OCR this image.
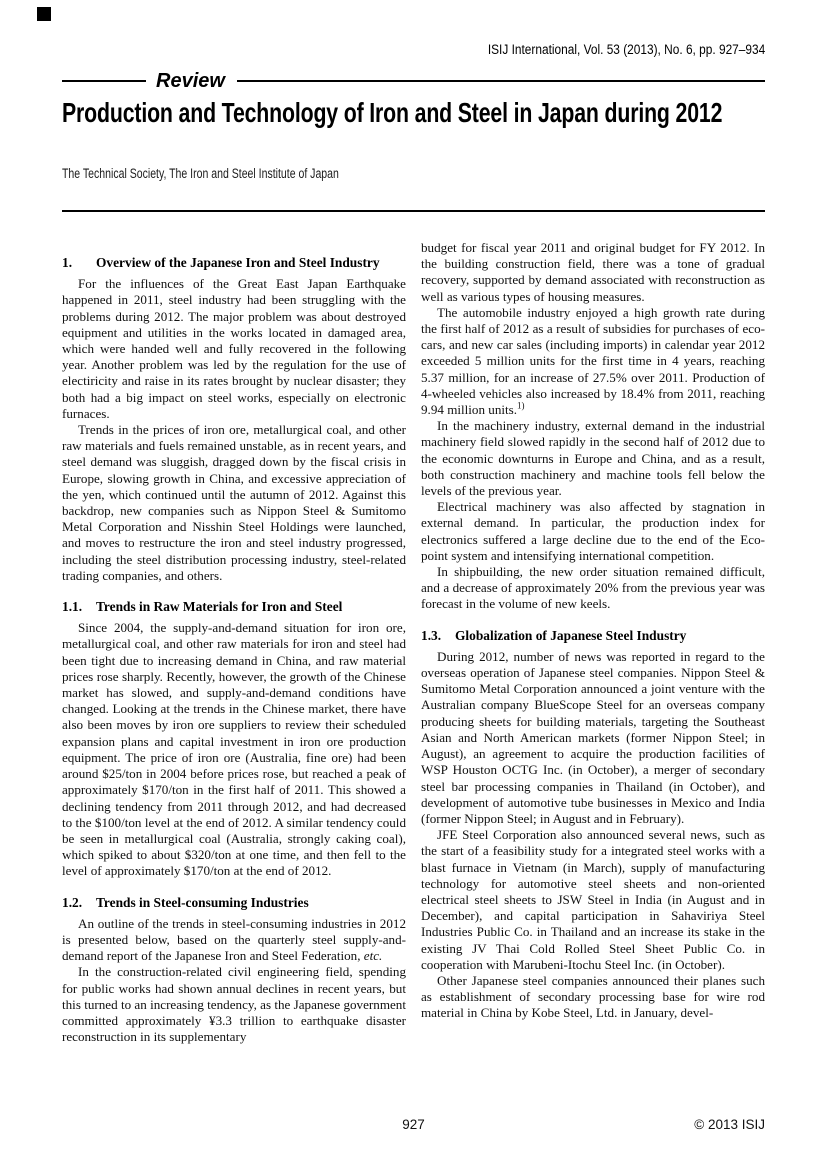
ISIJ International, Vol. 53 (2013), No. 6, pp. 927–934
Review
Production and Technology of Iron and Steel in Japan during 2012
The Technical Society, The Iron and Steel Institute of Japan
1. Overview of the Japanese Iron and Steel Industry

For the influences of the Great East Japan Earthquake happened in 2011, steel industry had been struggling with the problems during 2012. The major problem was about destroyed equipment and utilities in the works located in damaged area, which were handed well and fully recovered in the following year. Another problem was led by the regulation for the use of electiricity and raise in its rates brought by nuclear disaster; they both had a big impact on steel works, especially on electronic furnaces.

Trends in the prices of iron ore, metallurgical coal, and other raw materials and fuels remained unstable, as in recent years, and steel demand was sluggish, dragged down by the fiscal crisis in Europe, slowing growth in China, and excessive appreciation of the yen, which continued until the autumn of 2012. Against this backdrop, new companies such as Nippon Steel & Sumitomo Metal Corporation and Nisshin Steel Holdings were launched, and moves to restructure the iron and steel industry progressed, including the steel distribution processing industry, steel-related trading companies, and others.

1.1. Trends in Raw Materials for Iron and Steel

Since 2004, the supply-and-demand situation for iron ore, metallurgical coal, and other raw materials for iron and steel had been tight due to increasing demand in China, and raw material prices rose sharply. Recently, however, the growth of the Chinese market has slowed, and supply-and-demand conditions have changed. Looking at the trends in the Chinese market, there have also been moves by iron ore suppliers to review their scheduled expansion plans and capital investment in iron ore production equipment. The price of iron ore (Australia, fine ore) had been around $25/ton in 2004 before prices rose, but reached a peak of approximately $170/ton in the first half of 2011. This showed a declining tendency from 2011 through 2012, and had decreased to the $100/ton level at the end of 2012. A similar tendency could be seen in metallurgical coal (Australia, strongly caking coal), which spiked to about $320/ton at one time, and then fell to the level of approximately $170/ton at the end of 2012.

1.2. Trends in Steel-consuming Industries

An outline of the trends in steel-consuming industries in 2012 is presented below, based on the quarterly steel supply-and-demand report of the Japanese Iron and Steel Federation, etc.

In the construction-related civil engineering field, spending for public works had shown annual declines in recent years, but this turned to an increasing tendency, as the Japanese government committed approximately ¥3.3 trillion to earthquake disaster reconstruction in its supplementary

budget for fiscal year 2011 and original budget for FY 2012. In the building construction field, there was a tone of gradual recovery, supported by demand associated with reconstruction as well as various types of housing measures.

The automobile industry enjoyed a high growth rate during the first half of 2012 as a result of subsidies for purchases of eco-cars, and new car sales (including imports) in calendar year 2012 exceeded 5 million units for the first time in 4 years, reaching 5.37 million, for an increase of 27.5% over 2011. Production of 4-wheeled vehicles also increased by 18.4% from 2011, reaching 9.94 million units.$^{1)}$

In the machinery industry, external demand in the industrial machinery field slowed rapidly in the second half of 2012 due to the economic downturns in Europe and China, and as a result, both construction machinery and machine tools fell below the levels of the previous year.

Electrical machinery was also affected by stagnation in external demand. In particular, the production index for electronics suffered a large decline due to the end of the Eco-point system and intensifying international competition.

In shipbuilding, the new order situation remained difficult, and a decrease of approximately 20% from the previous year was forecast in the volume of new keels.

1.3. Globalization of Japanese Steel Industry

During 2012, number of news was reported in regard to the overseas operation of Japanese steel companies. Nippon Steel & Sumitomo Metal Corporation announced a joint venture with the Australian company BlueScope Steel for an overseas company producing sheets for building materials, targeting the Southeast Asian and North American markets (former Nippon Steel; in August), an agreement to acquire the production facilities of WSP Houston OCTG Inc. (in October), a merger of secondary steel bar processing companies in Thailand (in October), and development of automotive tube businesses in Mexico and India (former Nippon Steel; in August and in February).

JFE Steel Corporation also announced several news, such as the start of a feasibility study for a integrated steel works with a blast furnace in Vietnam (in March), supply of manufacturing technology for automotive steel sheets and non-oriented electrical steel sheets to JSW Steel in India (in August and in December), and capital participation in Sahaviriya Steel Industries Public Co. in Thailand and an increase its stake in the existing JV Thai Cold Rolled Steel Sheet Public Co. in cooperation with Marubeni-Itochu Steel Inc. (in October).

Other Japanese steel companies announced their planes such as establishment of secondary processing base for wire rod material in China by Kobe Steel, Ltd. in January, devel-

927	© 2013 ISIJ
